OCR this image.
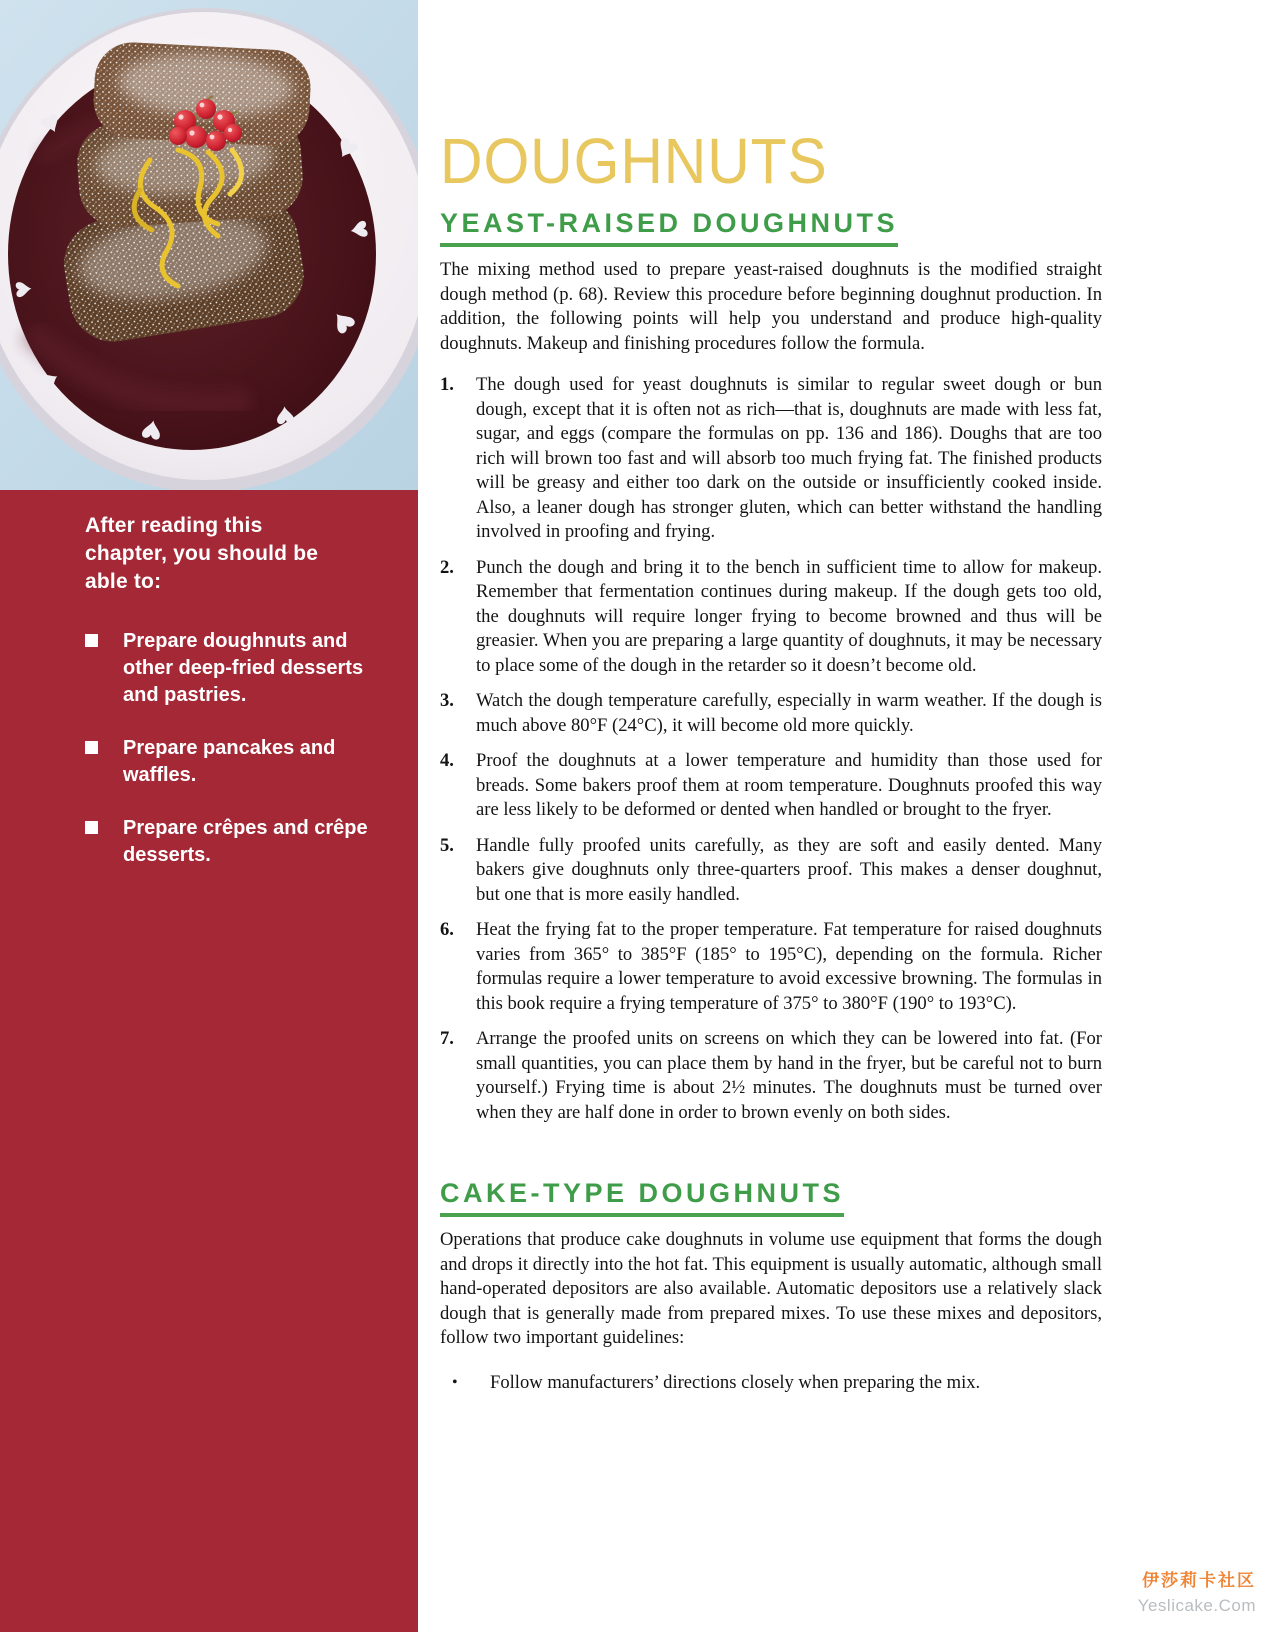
After reading this chapter, you should be able to:
Prepare doughnuts and other deep-fried desserts and pastries.
Prepare pancakes and waffles.
Prepare crêpes and crêpe desserts.
DOUGHNUTS
YEAST-RAISED DOUGHNUTS

The mixing method used to prepare yeast-raised doughnuts is the modified straight dough method (p. 68). Review this procedure before beginning doughnut production. In addition, the following points will help you understand and produce high-quality doughnuts. Makeup and finishing procedures follow the formula.

1.	The dough used for yeast doughnuts is similar to regular sweet dough or bun dough, except that it is often not as rich—that is, doughnuts are made with less fat, sugar, and eggs (compare the formulas on pp. 136 and 186). Doughs that are too rich will brown too fast and will absorb too much frying fat. The finished products will be greasy and either too dark on the outside or insufficiently cooked inside. Also, a leaner dough has stronger gluten, which can better withstand the handling involved in proofing and frying.
2.	Punch the dough and bring it to the bench in sufficient time to allow for makeup. Remember that fermentation continues during makeup. If the dough gets too old, the doughnuts will require longer frying to become browned and thus will be greasier. When you are preparing a large quantity of doughnuts, it may be necessary to place some of the dough in the retarder so it doesn’t become old.
3.	Watch the dough temperature carefully, especially in warm weather. If the dough is much above 80°F (24°C), it will become old more quickly.
4.	Proof the doughnuts at a lower temperature and humidity than those used for breads. Some bakers proof them at room temperature. Doughnuts proofed this way are less likely to be deformed or dented when handled or brought to the fryer.
5.	Handle fully proofed units carefully, as they are soft and easily dented. Many bakers give doughnuts only three-quarters proof. This makes a denser doughnut, but one that is more easily handled.
6.	Heat the frying fat to the proper temperature. Fat temperature for raised doughnuts varies from 365° to 385°F (185° to 195°C), depending on the formula. Richer formulas require a lower temperature to avoid excessive browning. The formulas in this book require a frying temperature of 375° to 380°F (190° to 193°C).
7.	Arrange the proofed units on screens on which they can be lowered into fat. (For small quantities, you can place them by hand in the fryer, but be careful not to burn yourself.) Frying time is about 2½ minutes. The doughnuts must be turned over when they are half done in order to brown evenly on both sides.
CAKE-TYPE DOUGHNUTS

Operations that produce cake doughnuts in volume use equipment that forms the dough and drops it directly into the hot fat. This equipment is usually automatic, although small hand-operated depositors are also available. Automatic depositors use a relatively slack dough that is generally made from prepared mixes. To use these mixes and depositors, follow two important guidelines:

•	Follow manufacturers’ directions closely when preparing the mix.
伊莎莉卡社区
Yeslicake.Com
